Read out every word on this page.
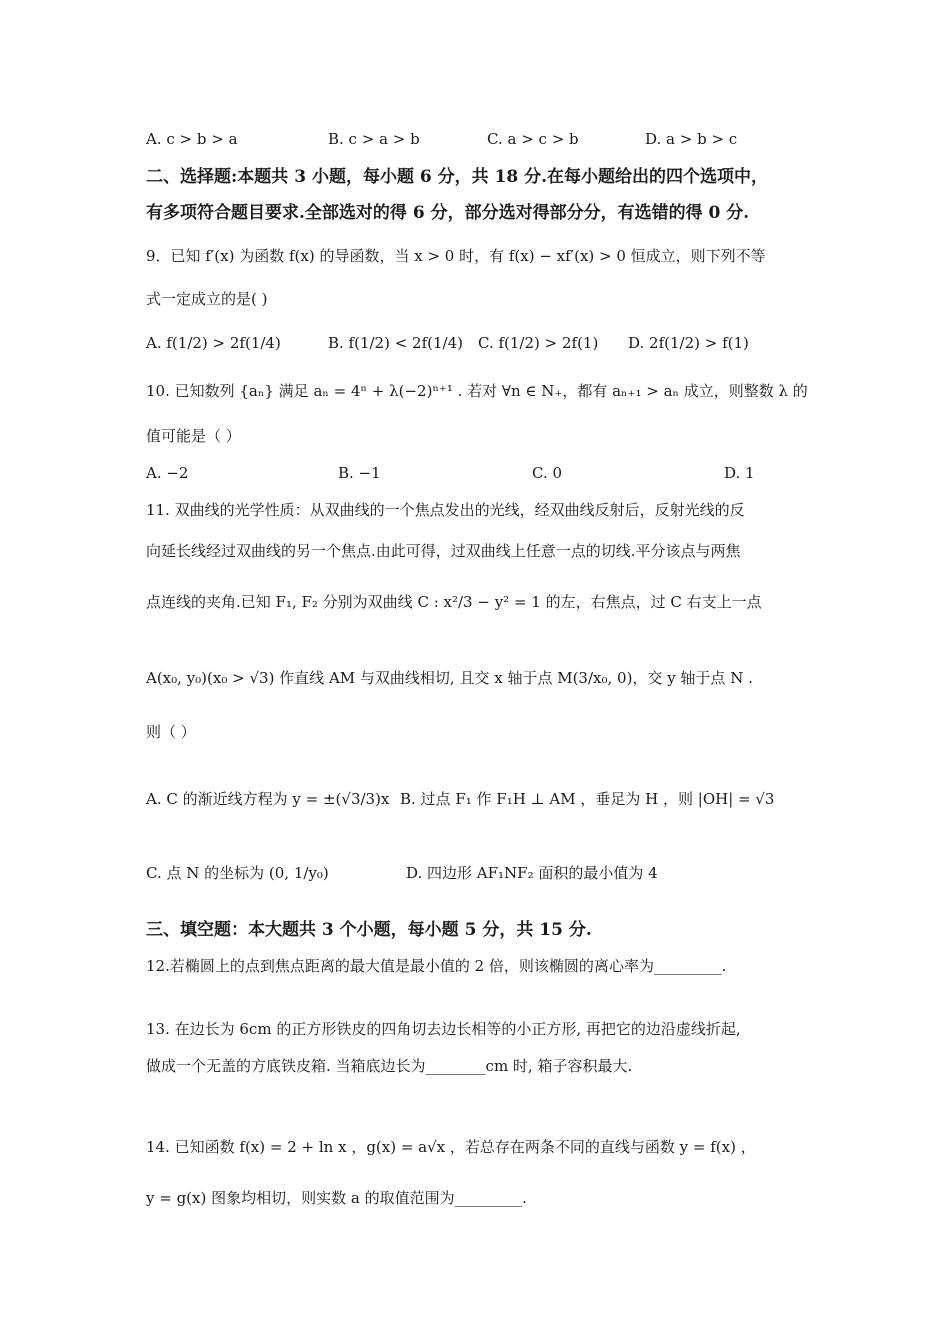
A. c > b > a	B. c > a > b	C. a > c > b	D. a > b > c
二、选择题:本题共 3 小题，每小题 6 分，共 18 分.在每小题给出的四个选项中，
有多项符合题目要求.全部选对的得 6 分，部分选对得部分分，有选错的得 0 分.
9．已知 f′(x) 为函数 f(x) 的导函数，当 x > 0 时，有 f(x) − xf′(x) > 0 恒成立，则下列不等
式一定成立的是( )
A. f(1/2) > 2f(1/4)	B. f(1/2) < 2f(1/4) C. f(1/2) > 2f(1) D. 2f(1/2) > f(1)
10. 已知数列 {aₙ} 满足 aₙ = 4ⁿ + λ(−2)ⁿ⁺¹ . 若对 ∀n ∈ N₊，都有 aₙ₊₁ > aₙ 成立，则整数 λ 的
值可能是（ ）
A. −2	B. −1	C. 0	D. 1
11. 双曲线的光学性质：从双曲线的一个焦点发出的光线，经双曲线反射后，反射光线的反
向延长线经过双曲线的另一个焦点.由此可得，过双曲线上任意一点的切线.平分该点与两焦
点连线的夹角.已知 F₁, F₂ 分别为双曲线 C : x²/3 − y² = 1 的左，右焦点，过 C 右支上一点
A(x₀, y₀)(x₀ > √3) 作直线 AM 与双曲线相切, 且交 x 轴于点 M(3/x₀, 0)，交 y 轴于点 N .
则（ ）
A. C 的渐近线方程为 y = ±(√3/3)x B. 过点 F₁ 作 F₁H ⊥ AM ，垂足为 H ，则 |OH| = √3
C. 点 N 的坐标为 (0, 1/y₀)	D. 四边形 AF₁NF₂ 面积的最小值为 4
三、填空题：本大题共 3 个小题，每小题 5 分，共 15 分.
12.若椭圆上的点到焦点距离的最大值是最小值的 2 倍，则该椭圆的离心率为_________.
13. 在边长为 6cm 的正方形铁皮的四角切去边长相等的小正方形, 再把它的边沿虚线折起,
做成一个无盖的方底铁皮箱. 当箱底边长为________cm 时, 箱子容积最大.
14. 已知函数 f(x) = 2 + ln x ，g(x) = a√x ，若总存在两条不同的直线与函数 y = f(x) ，
y = g(x) 图象均相切，则实数 a 的取值范围为_________.
